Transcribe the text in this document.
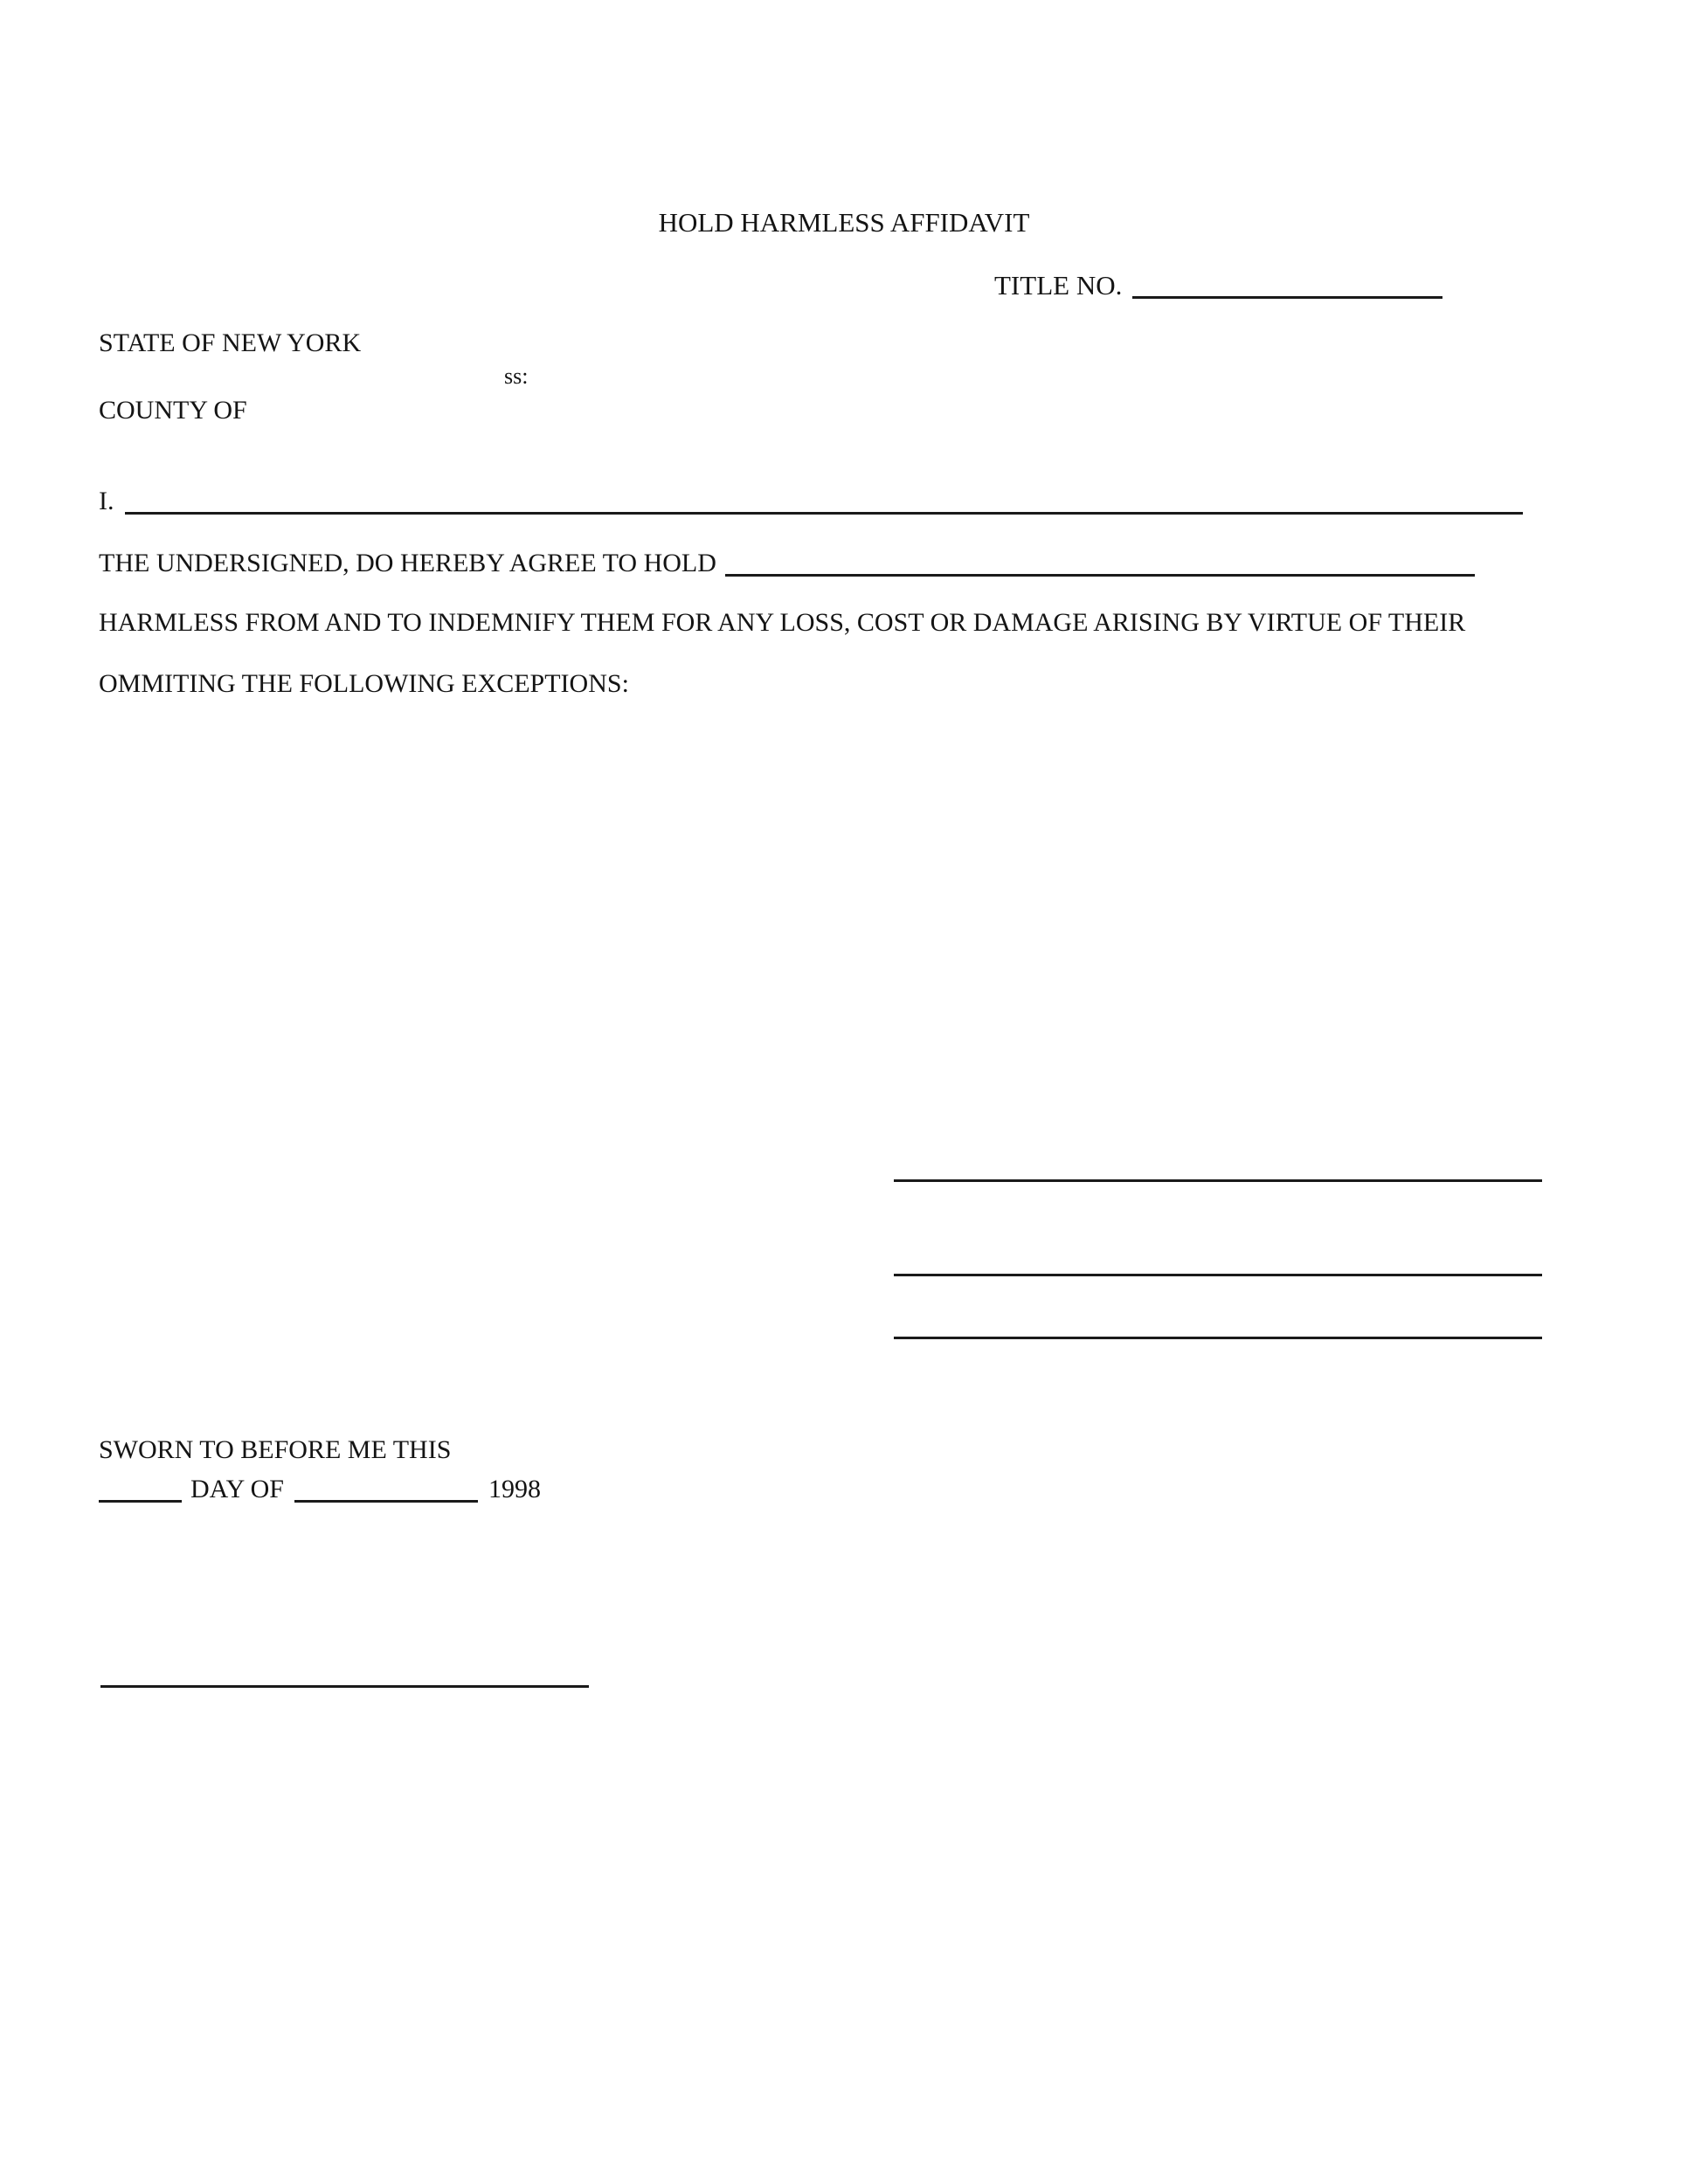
HOLD HARMLESS AFFIDAVIT
TITLE NO.
STATE OF NEW YORK
ss:
COUNTY OF
I.
THE UNDERSIGNED, DO HEREBY AGREE TO HOLD
HARMLESS FROM AND TO INDEMNIFY THEM FOR ANY LOSS, COST OR DAMAGE ARISING BY VIRTUE OF THEIR
OMMITING THE FOLLOWING EXCEPTIONS:
SWORN TO BEFORE ME THIS
DAY OF	1998
